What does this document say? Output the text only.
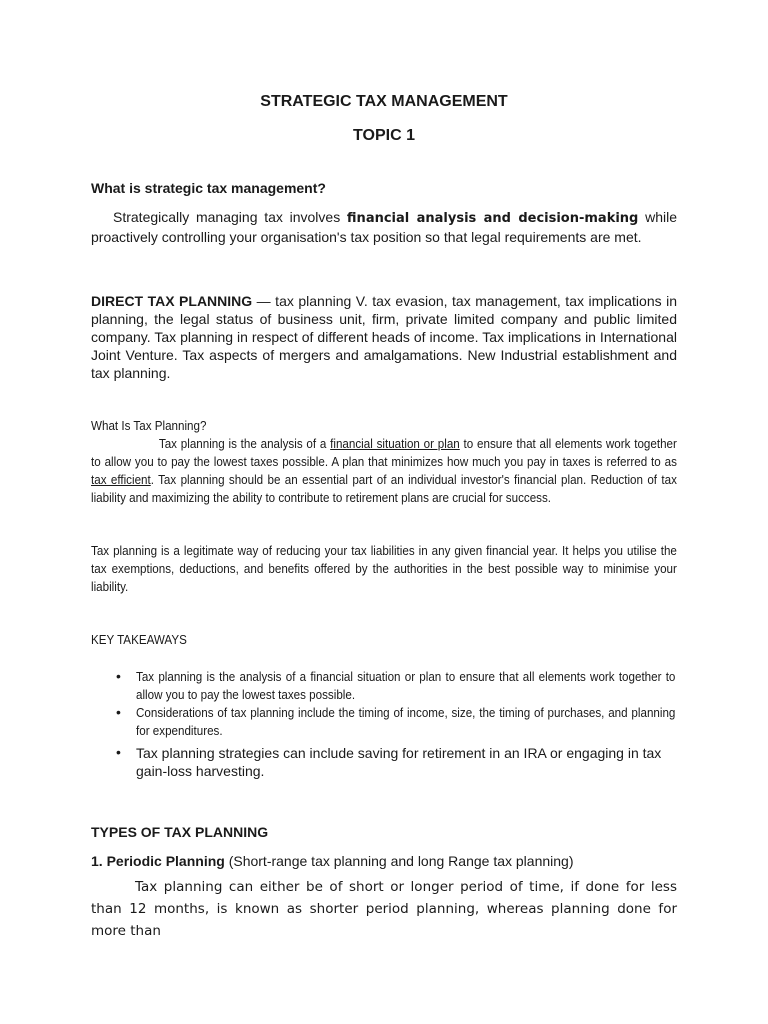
STRATEGIC TAX MANAGEMENT
TOPIC 1
What is strategic tax management?
Strategically managing tax involves financial analysis and decision-making while proactively controlling your organisation's tax position so that legal requirements are met.
DIRECT TAX PLANNING — tax planning V. tax evasion, tax management, tax implications in planning, the legal status of business unit, firm, private limited company and public limited company. Tax planning in respect of different heads of income. Tax implications in International Joint Venture. Tax aspects of mergers and amalgamations. New Industrial establishment and tax planning.
What Is Tax Planning?
Tax planning is the analysis of a financial situation or plan to ensure that all elements work together to allow you to pay the lowest taxes possible. A plan that minimizes how much you pay in taxes is referred to as tax efficient. Tax planning should be an essential part of an individual investor's financial plan. Reduction of tax liability and maximizing the ability to contribute to retirement plans are crucial for success.
Tax planning is a legitimate way of reducing your tax liabilities in any given financial year. It helps you utilise the tax exemptions, deductions, and benefits offered by the authorities in the best possible way to minimise your liability.
KEY TAKEAWAYS
• Tax planning is the analysis of a financial situation or plan to ensure that all elements work together to allow you to pay the lowest taxes possible.
• Considerations of tax planning include the timing of income, size, the timing of purchases, and planning for expenditures.
• Tax planning strategies can include saving for retirement in an IRA or engaging in tax gain-loss harvesting.
TYPES OF TAX PLANNING
1. Periodic Planning (Short-range tax planning and long Range tax planning)
Tax planning can either be of short or longer period of time, if done for less than 12 months, is known as shorter period planning, whereas planning done for more than
